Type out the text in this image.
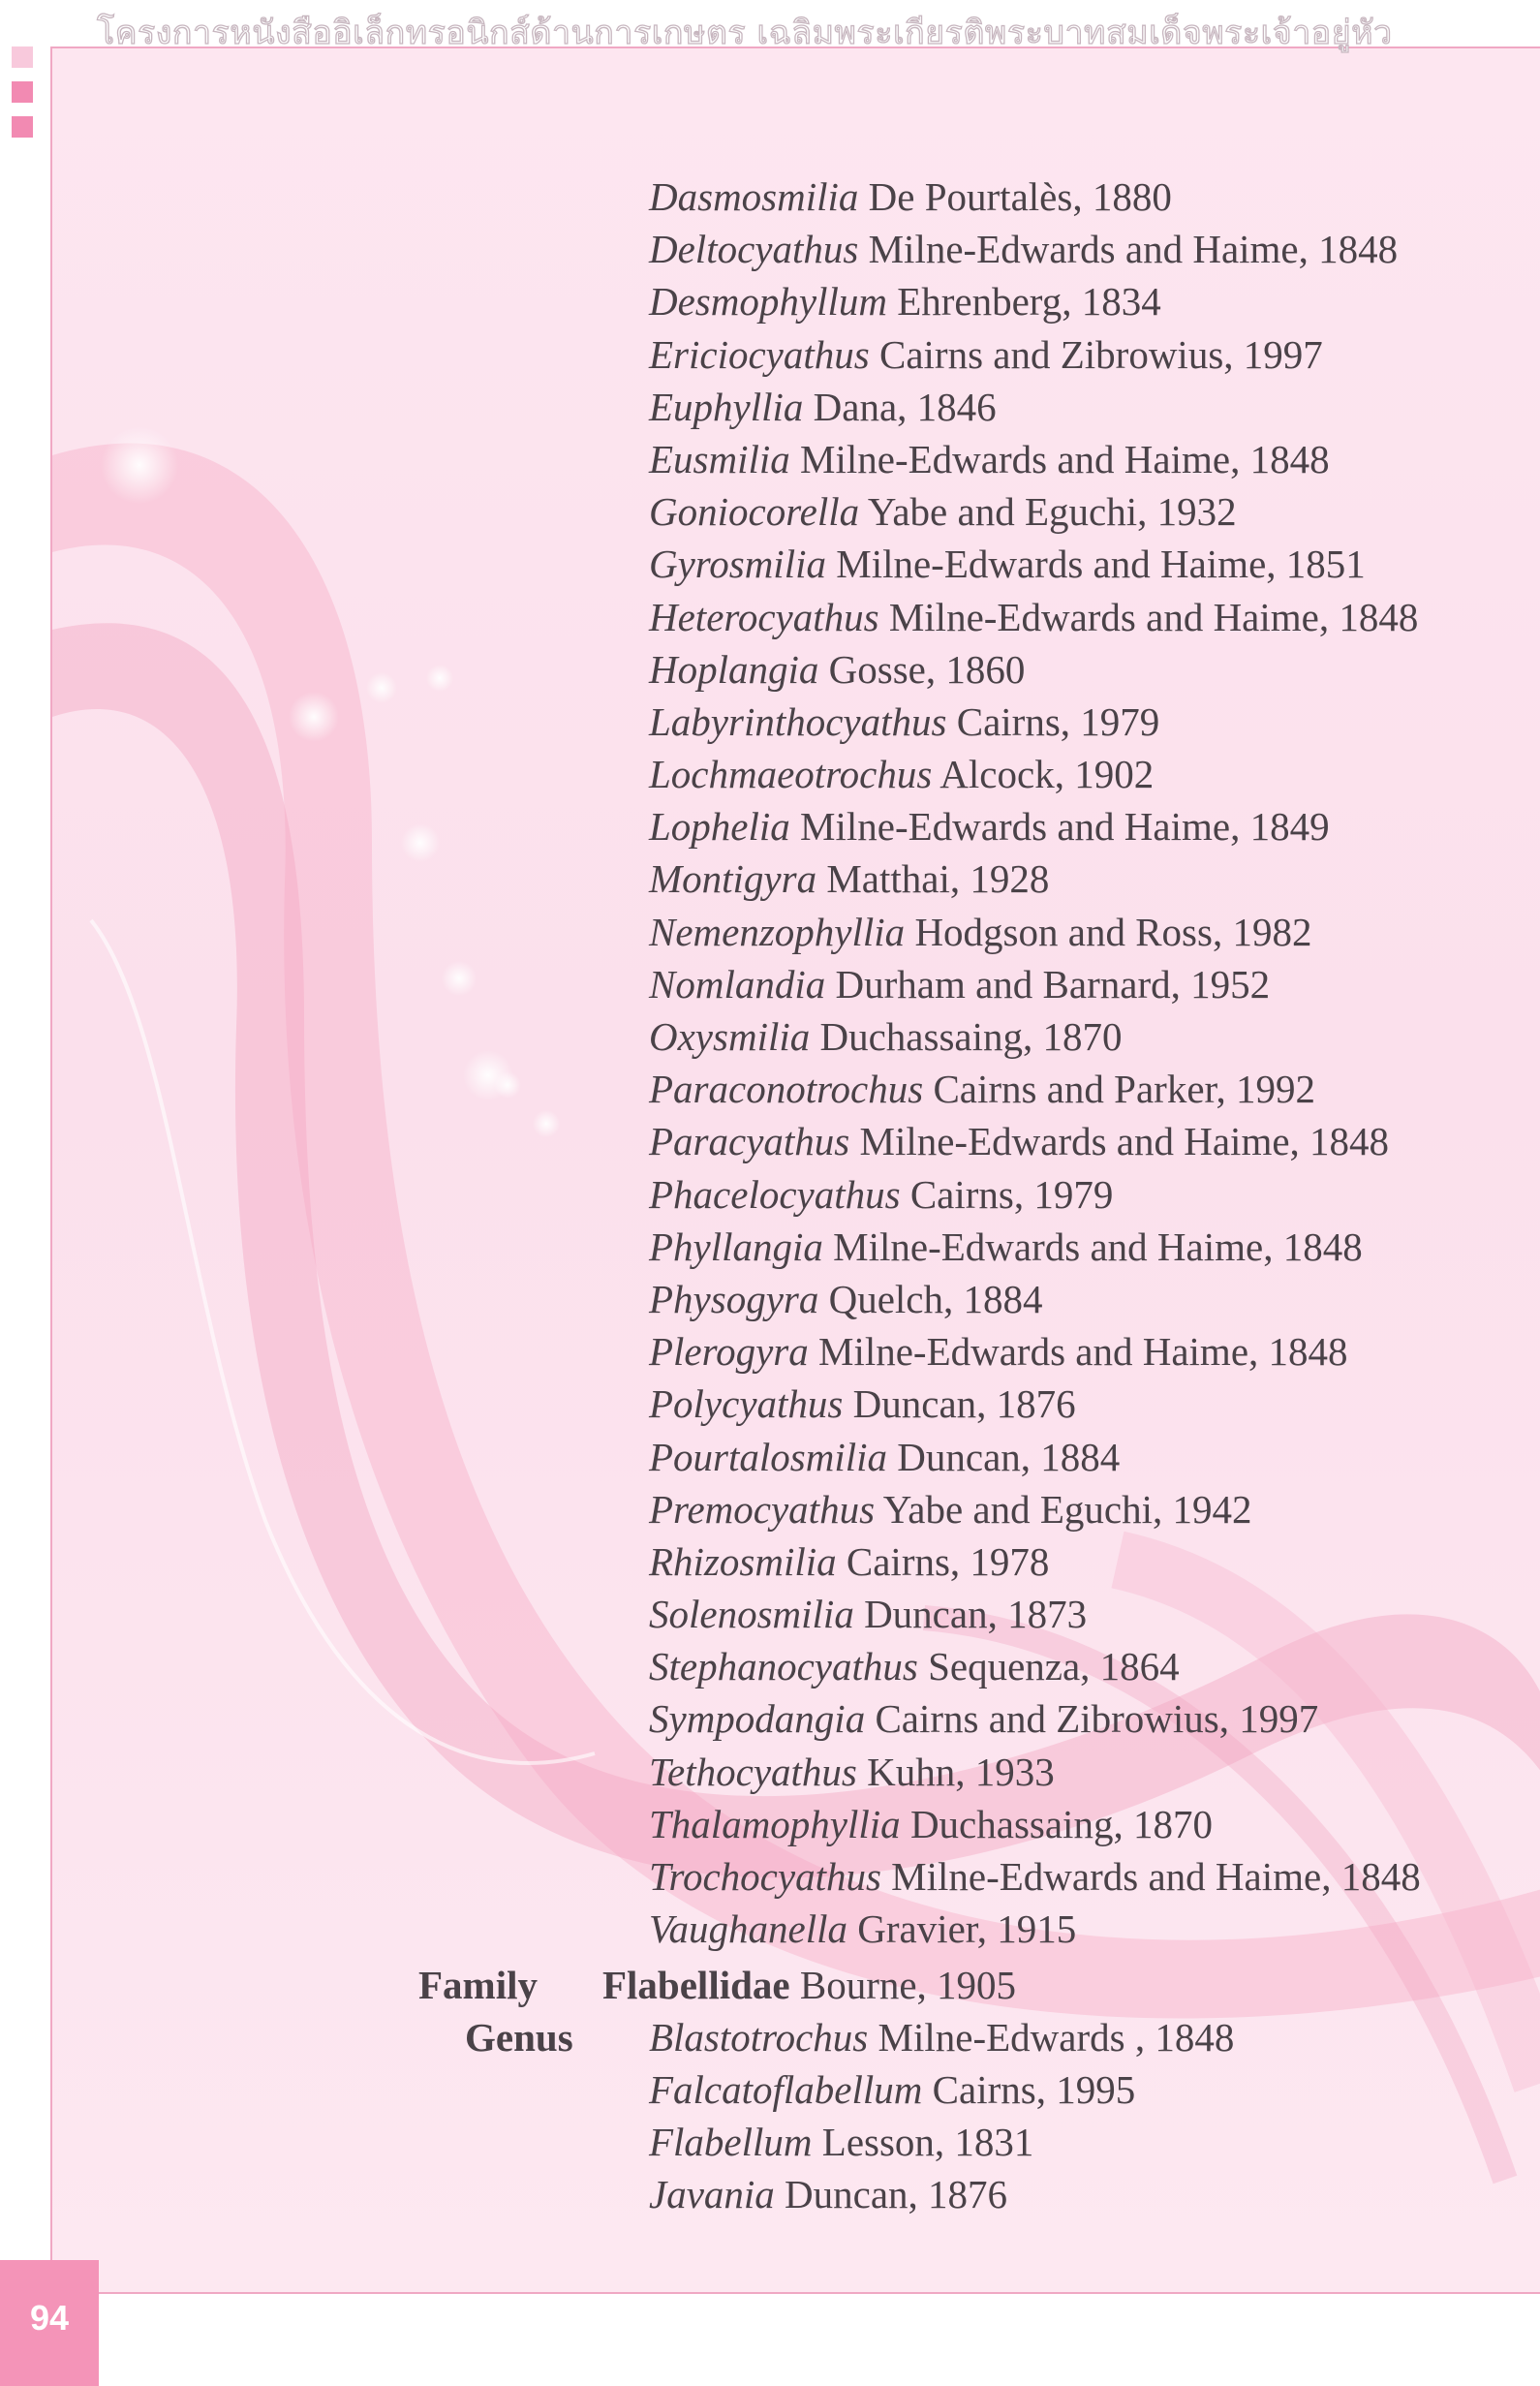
โครงการหนังสืออิเล็กทรอนิกส์ด้านการเกษตร เฉลิมพระเกียรติพระบาทสมเด็จพระเจ้าอยู่หัว
Dasmosmilia De Pourtalès, 1880
Deltocyathus Milne-Edwards and Haime, 1848
Desmophyllum Ehrenberg, 1834
Ericiocyathus Cairns and Zibrowius, 1997
Euphyllia Dana, 1846
Eusmilia Milne-Edwards and Haime, 1848
Goniocorella Yabe and Eguchi, 1932
Gyrosmilia Milne-Edwards and Haime, 1851
Heterocyathus Milne-Edwards and Haime, 1848
Hoplangia Gosse, 1860
Labyrinthocyathus Cairns, 1979
Lochmaeotrochus Alcock, 1902
Lophelia Milne-Edwards and Haime, 1849
Montigyra Matthai, 1928
Nemenzophyllia Hodgson and Ross, 1982
Nomlandia Durham and Barnard, 1952
Oxysmilia Duchassaing, 1870
Paraconotrochus Cairns and Parker, 1992
Paracyathus Milne-Edwards and Haime, 1848
Phacelocyathus Cairns, 1979
Phyllangia Milne-Edwards and Haime, 1848
Physogyra Quelch, 1884
Plerogyra Milne-Edwards and Haime, 1848
Polycyathus Duncan, 1876
Pourtalosmilia Duncan, 1884
Premocyathus Yabe and Eguchi, 1942
Rhizosmilia Cairns, 1978
Solenosmilia Duncan, 1873
Stephanocyathus Sequenza, 1864
Sympodangia Cairns and Zibrowius, 1997
Tethocyathus Kuhn, 1933
Thalamophyllia Duchassaing, 1870
Trochocyathus Milne-Edwards and Haime, 1848
Vaughanella Gravier, 1915
Family Flabellidae Bourne, 1905
Genus Blastotrochus Milne-Edwards , 1848
Falcatoflabellum Cairns, 1995
Flabellum Lesson, 1831
Javania Duncan, 1876
94
